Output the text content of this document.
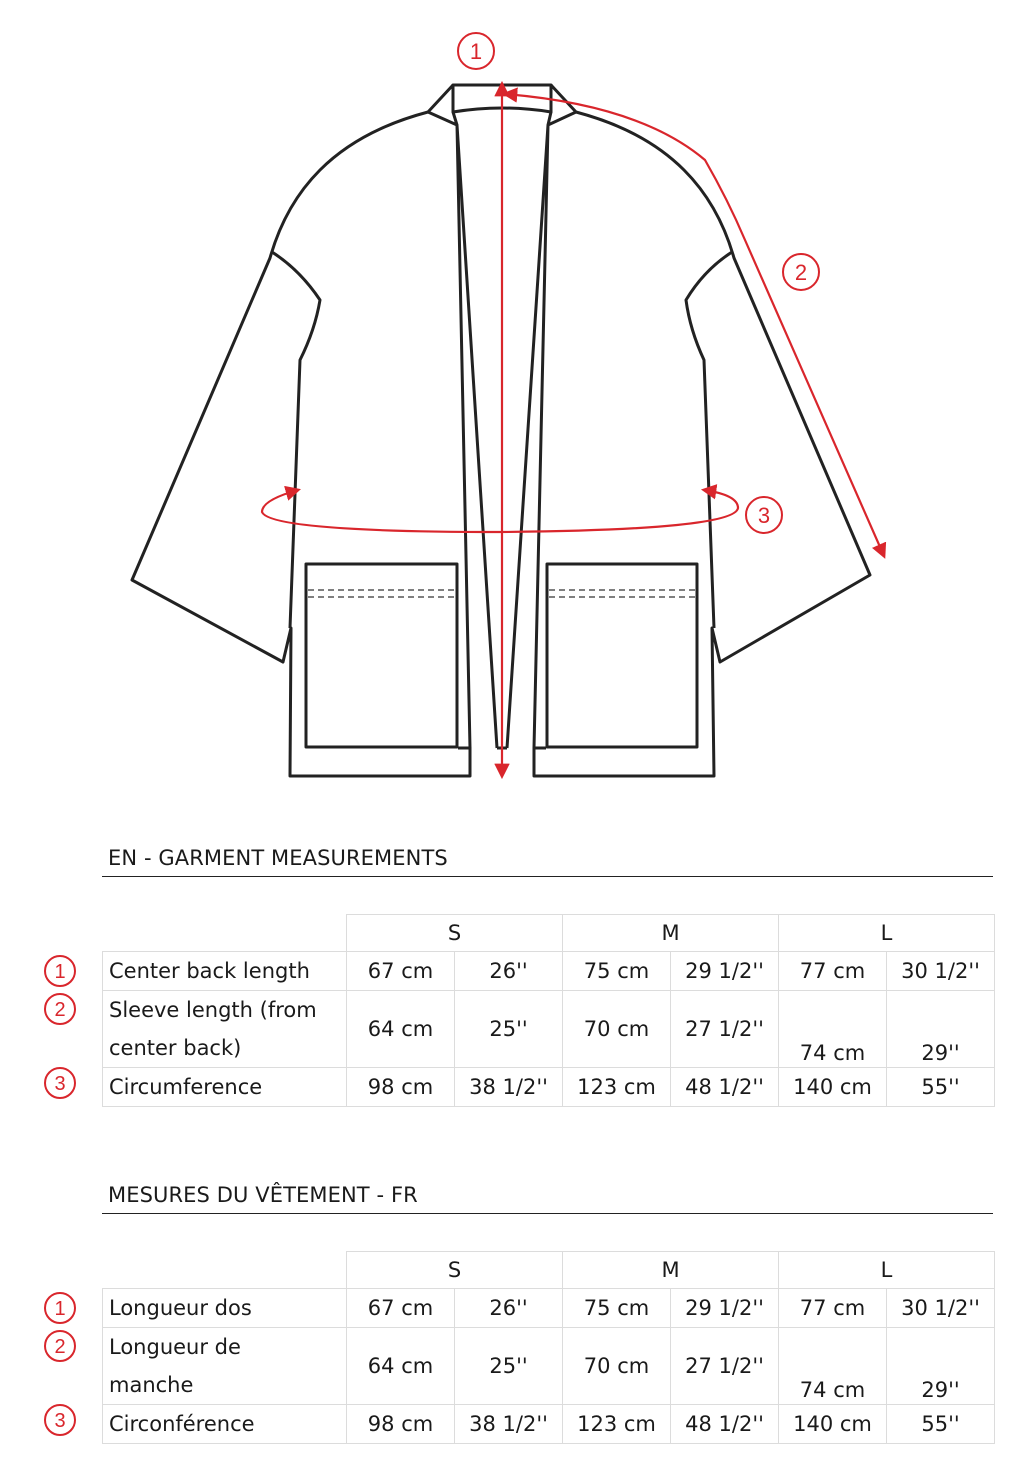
1
2
3
EN - GARMENT MEASUREMENTS
	S		M		L	
Center back length	67 cm	26''	75 cm	29 1/2''	77 cm	30 1/2''
Sleeve length (from center back)	64 cm	25''	70 cm	27 1/2''	74 cm	29''
Circumference	98 cm	38 1/2''	123 cm	48 1/2''	140 cm	55''
1
2
3
MESURES DU VÊTEMENT - FR
	S		M		L	
Longueur dos	67 cm	26''	75 cm	29 1/2''	77 cm	30 1/2''
Longueur de manche	64 cm	25''	70 cm	27 1/2''	74 cm	29''
Circonférence	98 cm	38 1/2''	123 cm	48 1/2''	140 cm	55''
1
2
3
